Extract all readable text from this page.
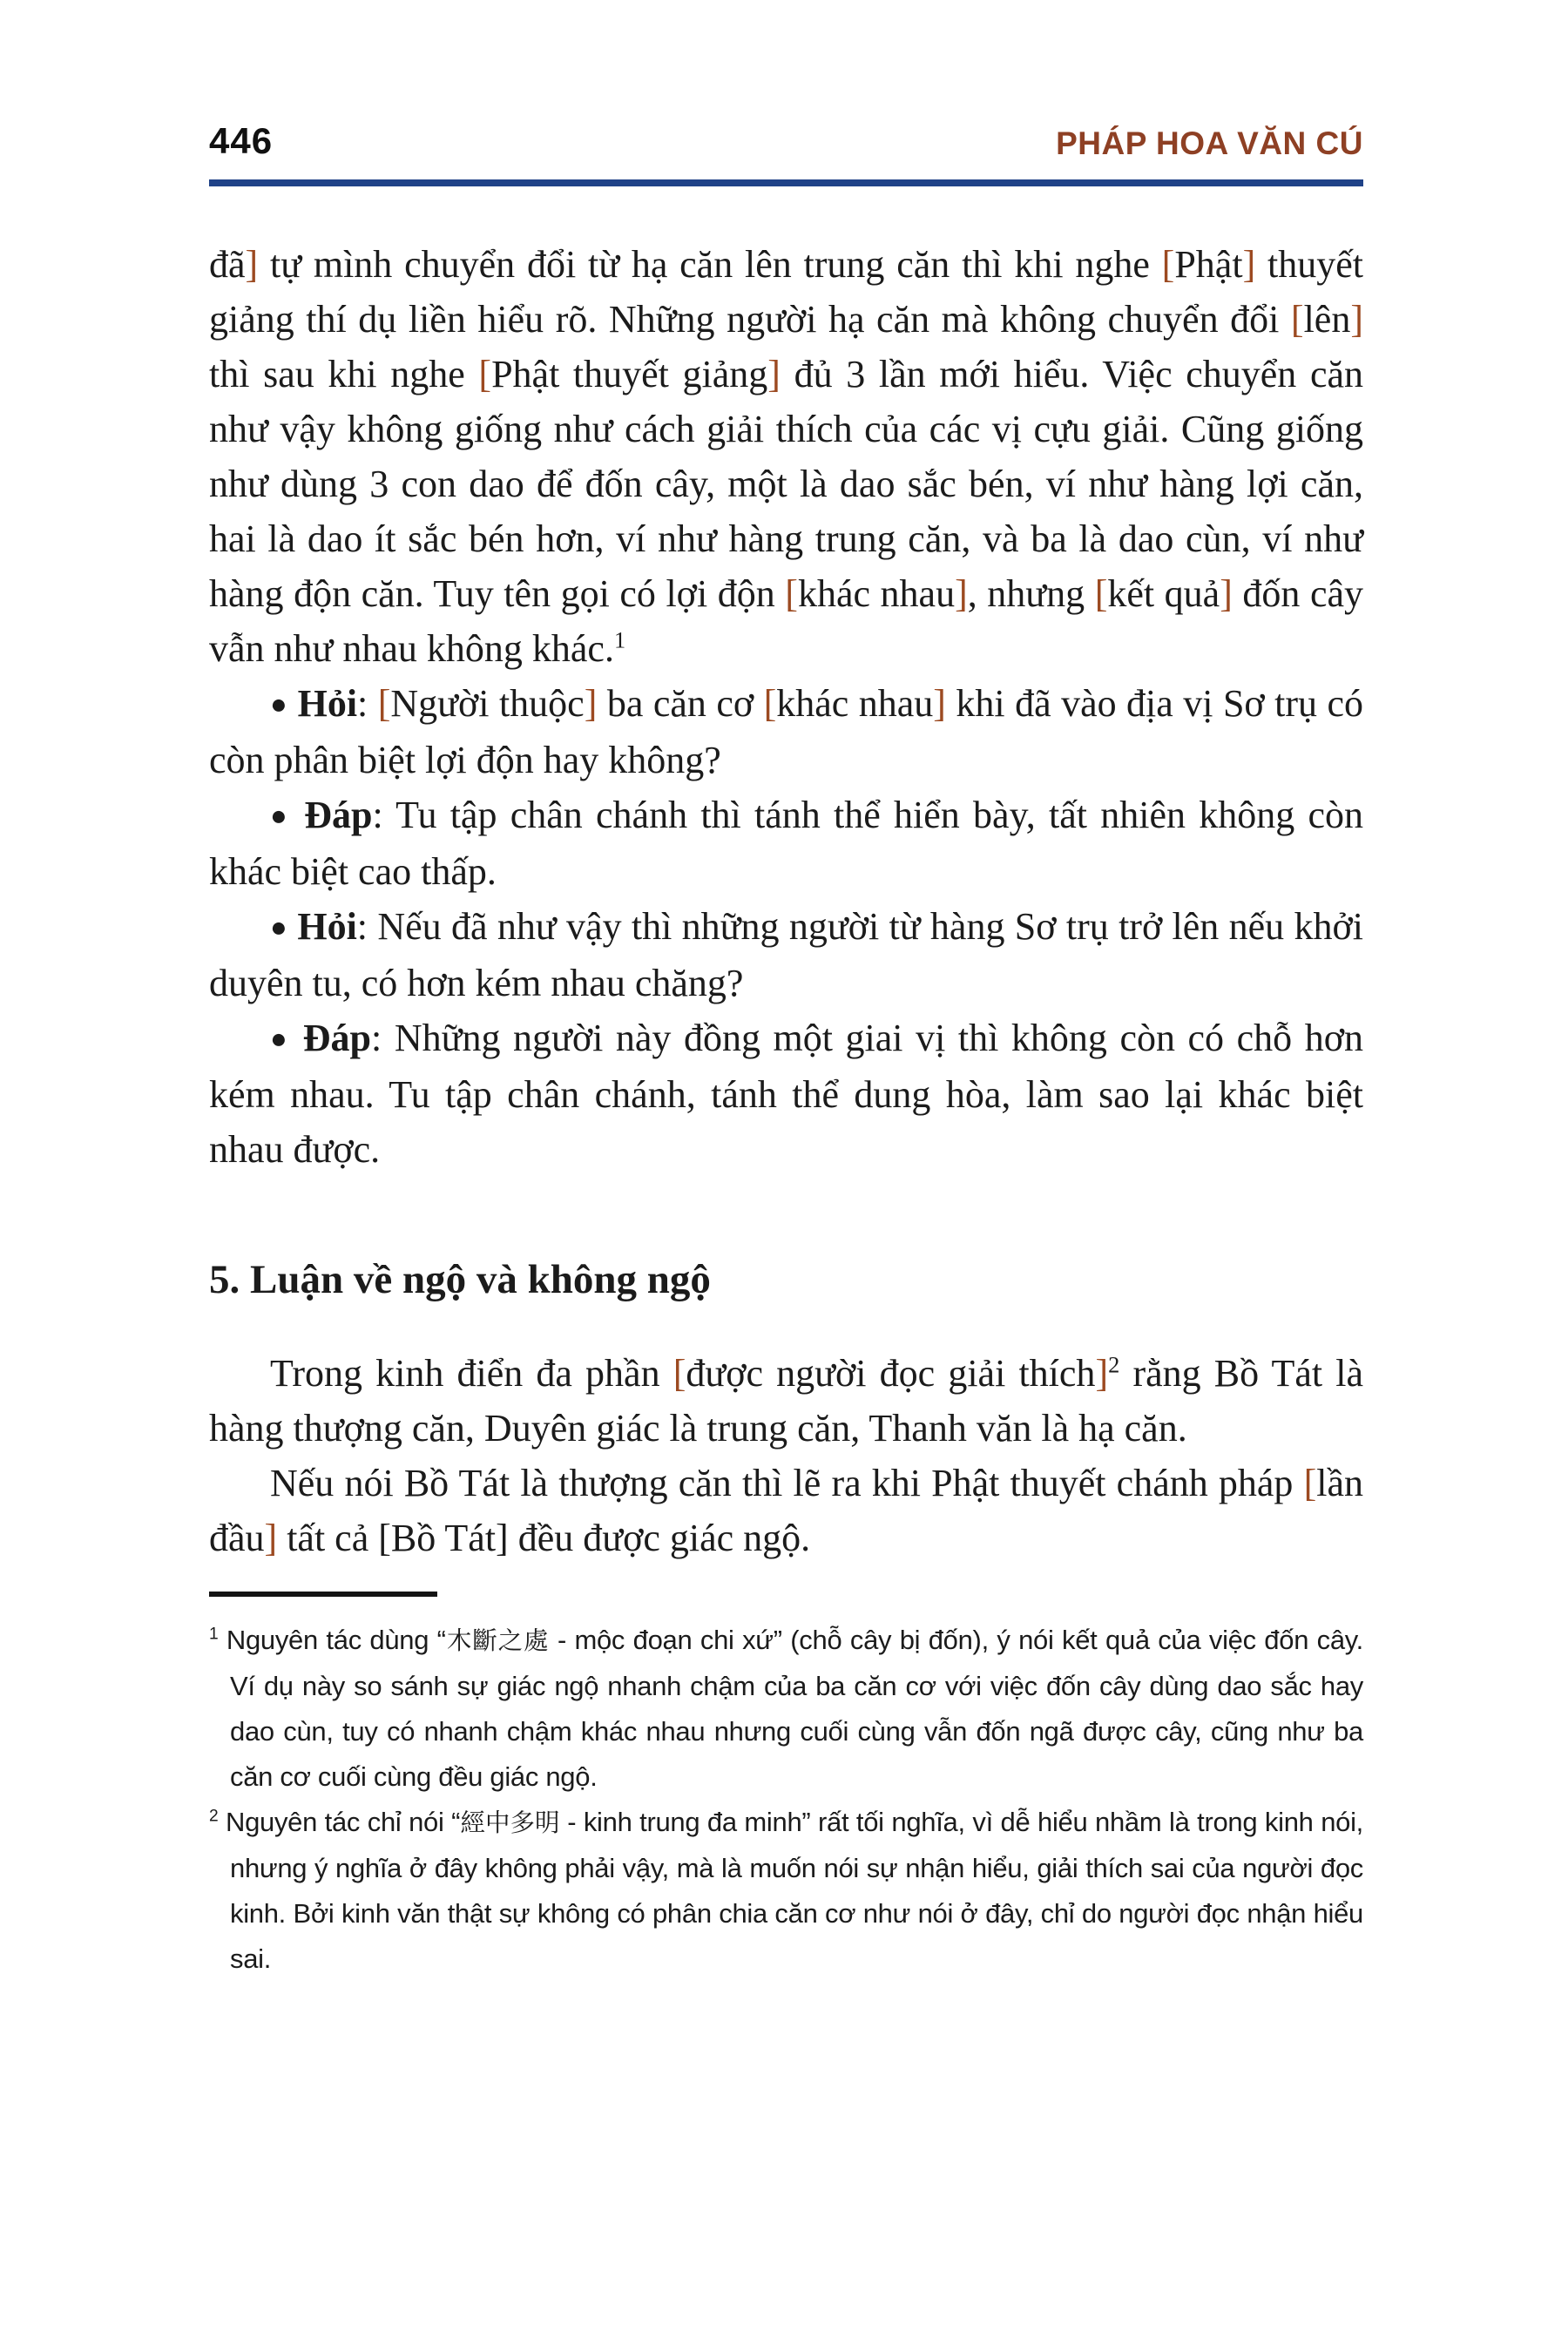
446	PHÁP HOA VĂN CÚ

đã] tự mình chuyển đổi từ hạ căn lên trung căn thì khi nghe [Phật] thuyết giảng thí dụ liền hiểu rõ. Những người hạ căn mà không chuyển đổi [lên] thì sau khi nghe [Phật thuyết giảng] đủ 3 lần mới hiểu. Việc chuyển căn như vậy không giống như cách giải thích của các vị cựu giải. Cũng giống như dùng 3 con dao để đốn cây, một là dao sắc bén, ví như hàng lợi căn, hai là dao ít sắc bén hơn, ví như hàng trung căn, và ba là dao cùn, ví như hàng độn căn. Tuy tên gọi có lợi độn [khác nhau], nhưng [kết quả] đốn cây vẫn như nhau không khác.$^1$

● Hỏi: [Người thuộc] ba căn cơ [khác nhau] khi đã vào địa vị Sơ trụ có còn phân biệt lợi độn hay không?

● Đáp: Tu tập chân chánh thì tánh thể hiển bày, tất nhiên không còn khác biệt cao thấp.

● Hỏi: Nếu đã như vậy thì những người từ hàng Sơ trụ trở lên nếu khởi duyên tu, có hơn kém nhau chăng?

● Đáp: Những người này đồng một giai vị thì không còn có chỗ hơn kém nhau. Tu tập chân chánh, tánh thể dung hòa, làm sao lại khác biệt nhau được.

5. Luận về ngộ và không ngộ

Trong kinh điển đa phần [được người đọc giải thích]$^2$ rằng Bồ Tát là hàng thượng căn, Duyên giác là trung căn, Thanh văn là hạ căn.

Nếu nói Bồ Tát là thượng căn thì lẽ ra khi Phật thuyết chánh pháp [lần đầu] tất cả [Bồ Tát] đều được giác ngộ.

$^1$ Nguyên tác dùng “木斷之處 - mộc đoạn chi xứ” (chỗ cây bị đốn), ý nói kết quả của việc đốn cây. Ví dụ này so sánh sự giác ngộ nhanh chậm của ba căn cơ với việc đốn cây dùng dao sắc hay dao cùn, tuy có nhanh chậm khác nhau nhưng cuối cùng vẫn đốn ngã được cây, cũng như ba căn cơ cuối cùng đều giác ngộ.

$^2$ Nguyên tác chỉ nói “經中多明 - kinh trung đa minh” rất tối nghĩa, vì dễ hiểu nhầm là trong kinh nói, nhưng ý nghĩa ở đây không phải vậy, mà là muốn nói sự nhận hiểu, giải thích sai của người đọc kinh. Bởi kinh văn thật sự không có phân chia căn cơ như nói ở đây, chỉ do người đọc nhận hiểu sai.
